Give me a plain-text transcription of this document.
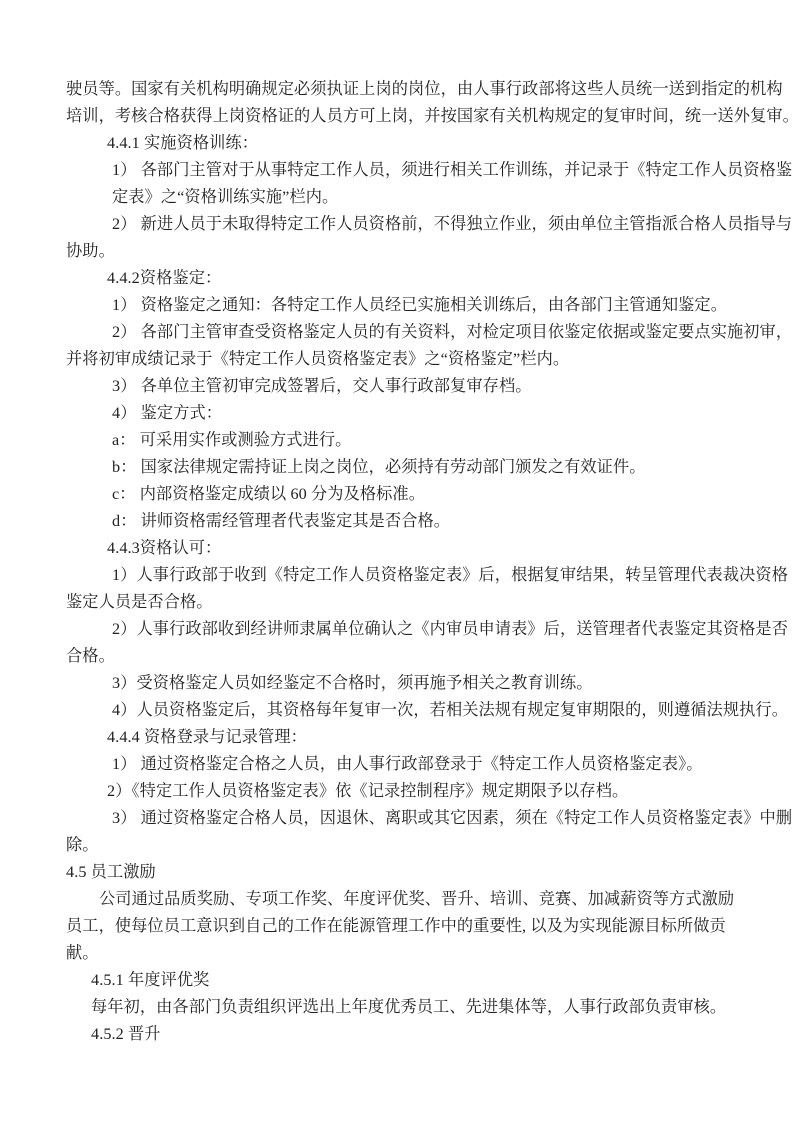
驶员等。国家有关机构明确规定必须执证上岗的岗位，由人事行政部将这些人员统一送到指定的机构
培训，考核合格获得上岗资格证的人员方可上岗，并按国家有关机构规定的复审时间，统一送外复审。
4.4.1 实施资格训练：
1） 各部门主管对于从事特定工作人员，须进行相关工作训练，并记录于《特定工作人员资格鉴
定表》之“资格训练实施”栏内。
2） 新进人员于未取得特定工作人员资格前，不得独立作业，须由单位主管指派合格人员指导与
协助。
4.4.2资格鉴定：
1） 资格鉴定之通知：各特定工作人员经已实施相关训练后，由各部门主管通知鉴定。
2） 各部门主管审查受资格鉴定人员的有关资料，对检定项目依鉴定依据或鉴定要点实施初审，
并将初审成绩记录于《特定工作人员资格鉴定表》之“资格鉴定”栏内。
3） 各单位主管初审完成签署后，交人事行政部复审存档。
4） 鉴定方式：
a： 可采用实作或测验方式进行。
b： 国家法律规定需持证上岗之岗位，必须持有劳动部门颁发之有效证件。
c： 内部资格鉴定成绩以 60 分为及格标准。
d： 讲师资格需经管理者代表鉴定其是否合格。
4.4.3资格认可：
1）人事行政部于收到《特定工作人员资格鉴定表》后，根据复审结果，转呈管理代表裁决资格
鉴定人员是否合格。
2）人事行政部收到经讲师隶属单位确认之《内审员申请表》后，送管理者代表鉴定其资格是否
合格。
3）受资格鉴定人员如经鉴定不合格时，须再施予相关之教育训练。
4）人员资格鉴定后，其资格每年复审一次，若相关法规有规定复审期限的，则遵循法规执行。
4.4.4 资格登录与记录管理：
1） 通过资格鉴定合格之人员，由人事行政部登录于《特定工作人员资格鉴定表》。
2）《特定工作人员资格鉴定表》依《记录控制程序》规定期限予以存档。
3） 通过资格鉴定合格人员，因退休、离职或其它因素，须在《特定工作人员资格鉴定表》中删
除。
4.5 员工激励
公司通过品质奖励、专项工作奖、年度评优奖、晋升、培训、竞赛、加减薪资等方式激励
员工，使每位员工意识到自己的工作在能源管理工作中的重要性, 以及为实现能源目标所做贡
献。
4.5.1 年度评优奖
每年初，由各部门负责组织评选出上年度优秀员工、先进集体等，人事行政部负责审核。
4.5.2 晋升
